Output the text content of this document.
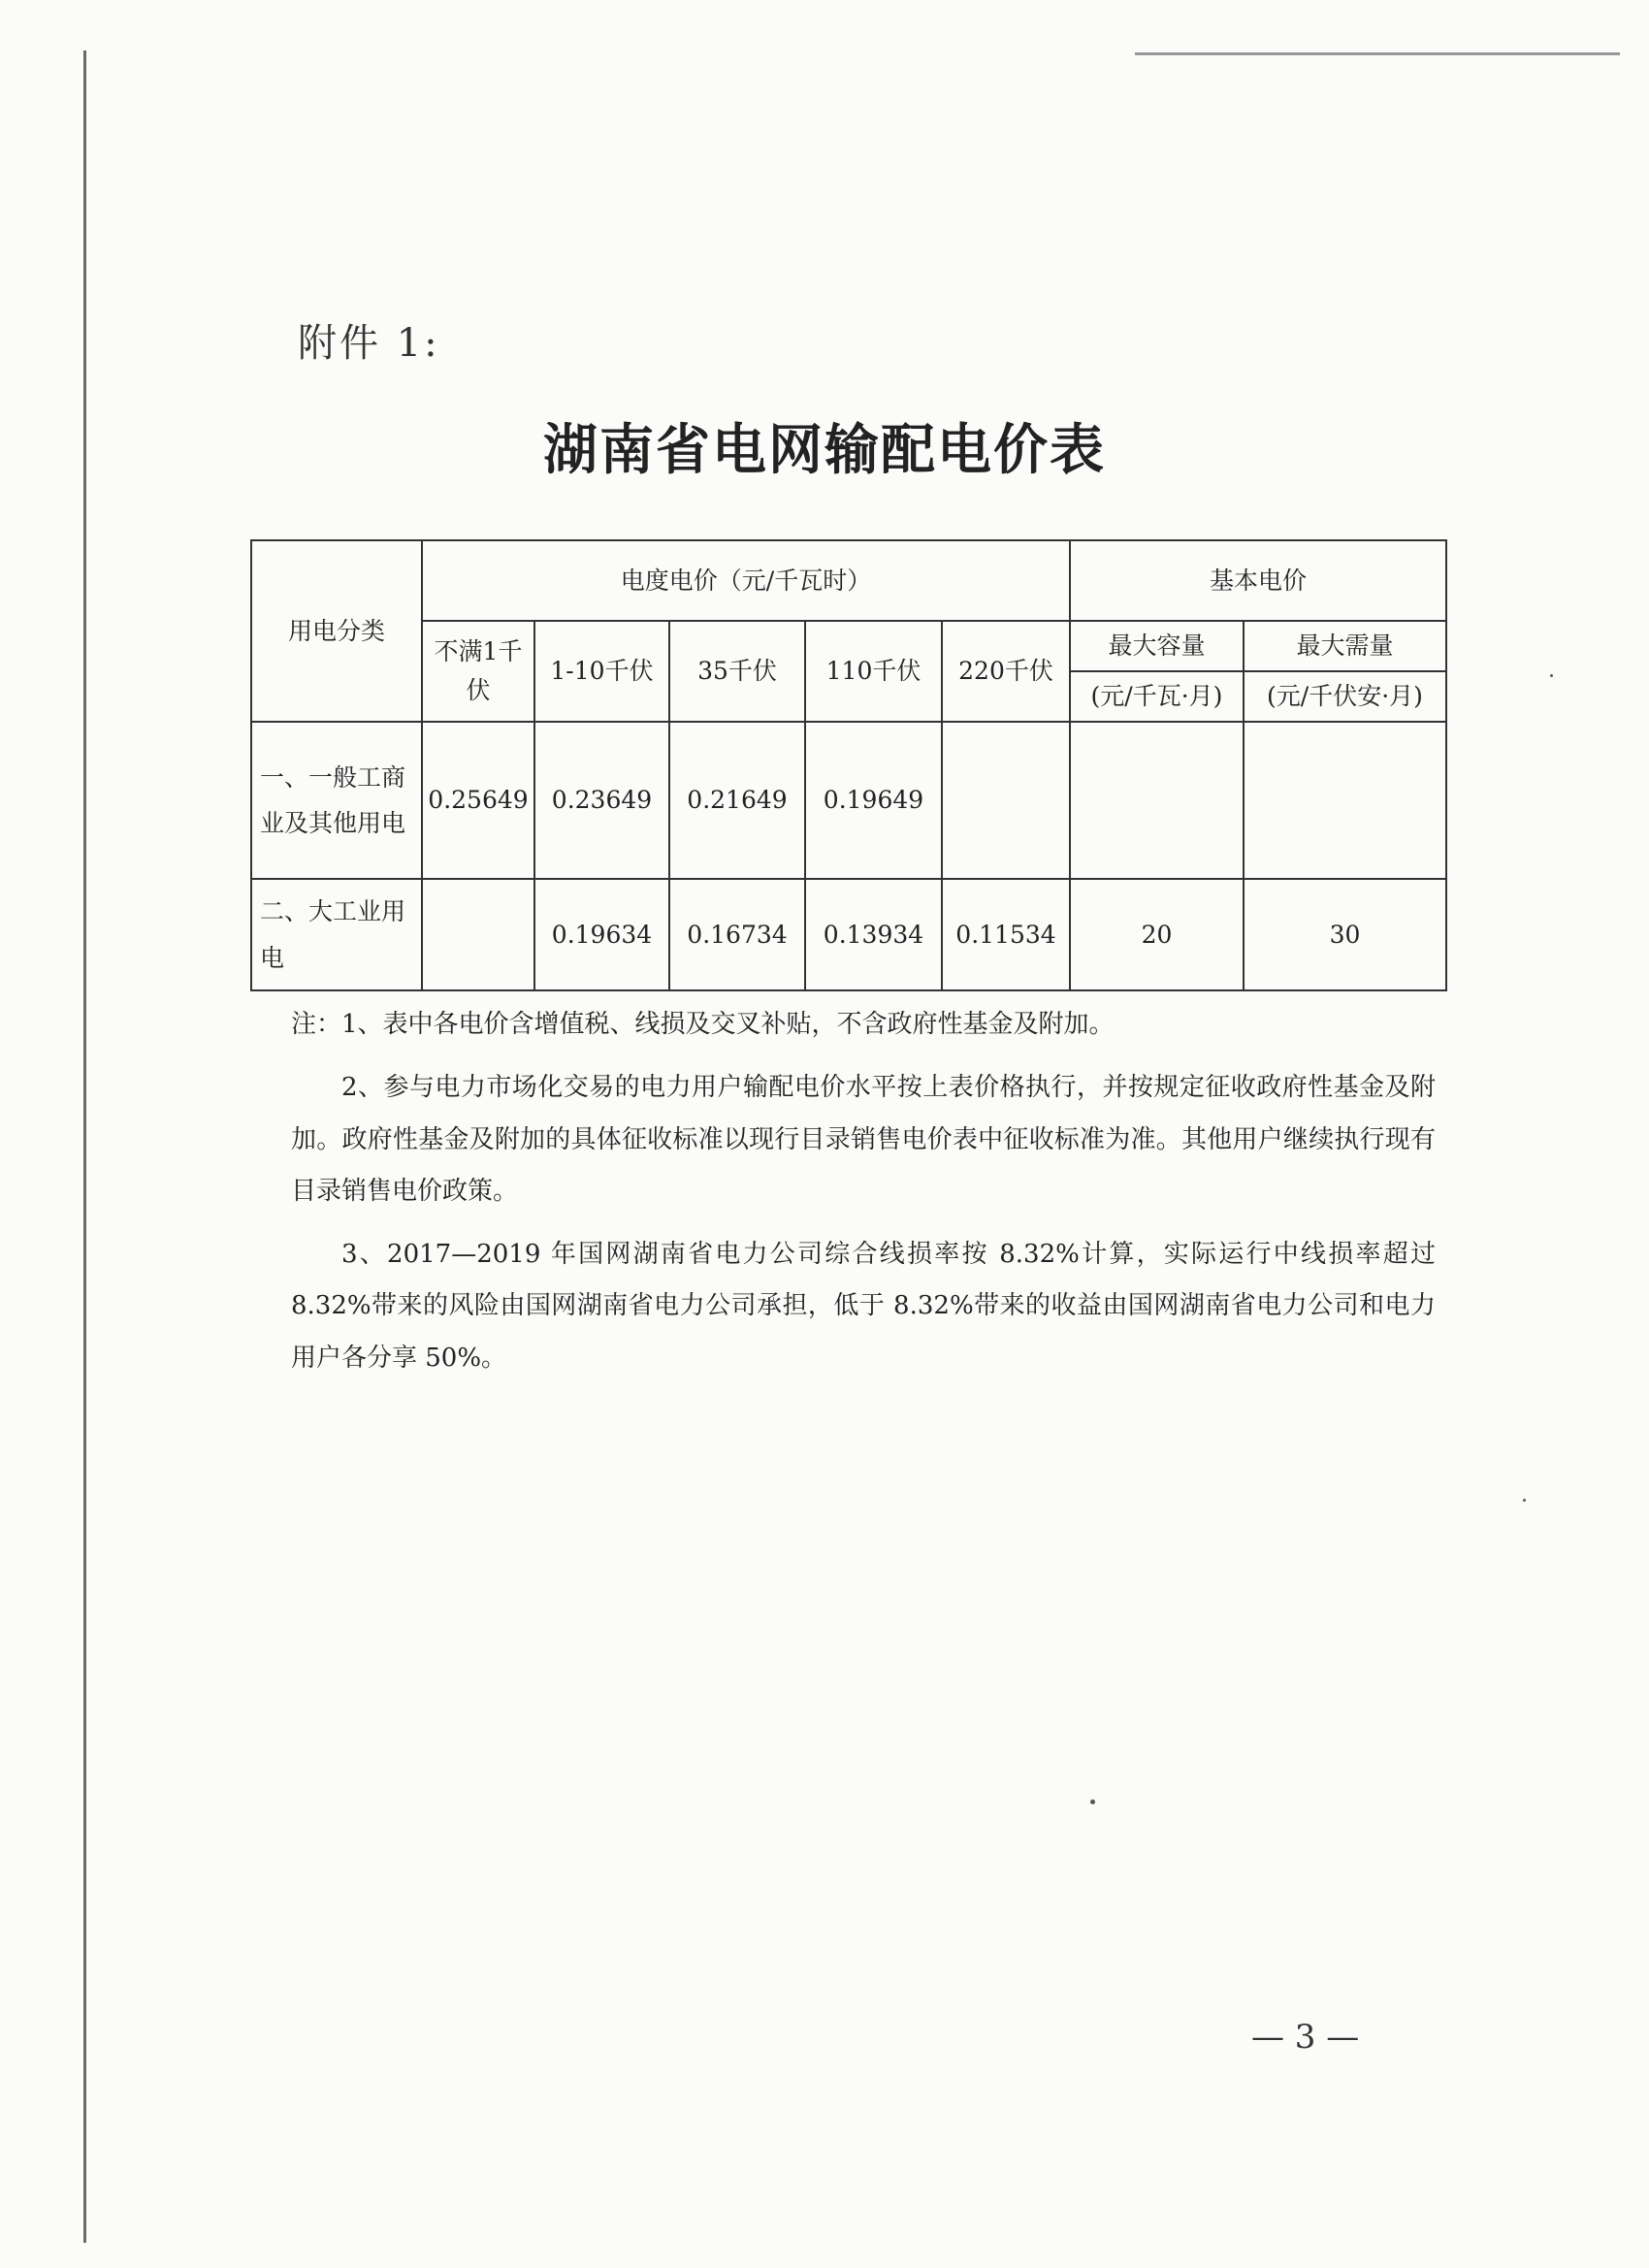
附件 1:
湖南省电网输配电价表
用电分类	电度电价（元/千瓦时）					基本电价	
	不满1千伏	1-10千伏	35千伏	110千伏	220千伏	最大容量	最大需量
						(元/千瓦·月)	(元/千伏安·月)
一、一般工商业及其他用电	0.25649	0.23649	0.21649	0.19649			
二、大工业用电		0.19634	0.16734	0.13934	0.11534	20	30

注：1、表中各电价含增值税、线损及交叉补贴，不含政府性基金及附加。

2、参与电力市场化交易的电力用户输配电价水平按上表价格执行，并按规定征收政府性基金及附加。政府性基金及附加的具体征收标准以现行目录销售电价表中征收标准为准。其他用户继续执行现有目录销售电价政策。

3、2017—2019 年国网湖南省电力公司综合线损率按 8.32%计算，实际运行中线损率超过8.32%带来的风险由国网湖南省电力公司承担，低于 8.32%带来的收益由国网湖南省电力公司和电力用户各分享 50%。

— 3 —
